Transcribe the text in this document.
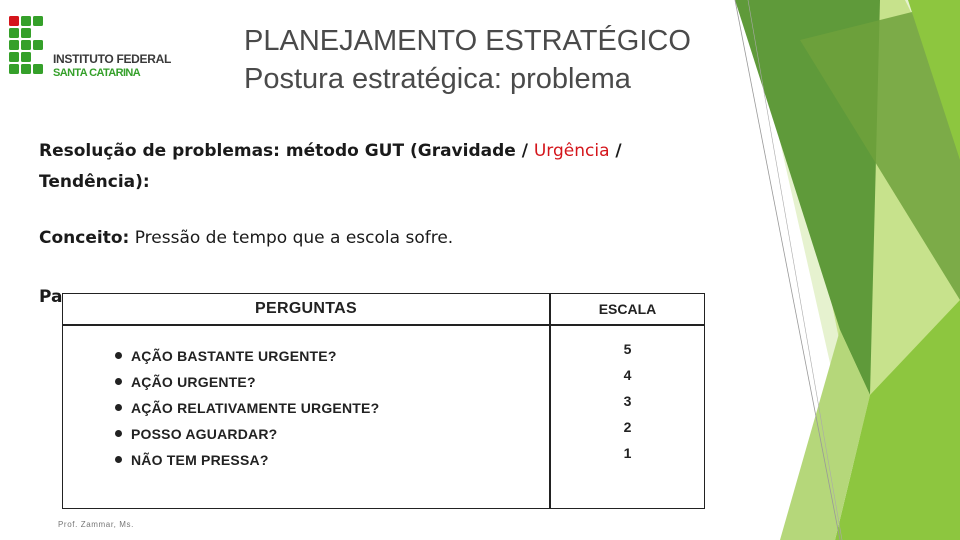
INSTITUTO FEDERAL
SANTA CATARINA
PLANEJAMENTO ESTRATÉGICO
Postura estratégica: problema
Resolução de problemas: método GUT (Gravidade / Urgência /
Tendência):
Conceito: Pressão de tempo que a escola sofre.
Pa
PERGUNTAS	ESCALA
AÇÃO BASTANTE URGENTE?
AÇÃO URGENTE?
AÇÃO RELATIVAMENTE URGENTE?
POSSO AGUARDAR?
NÃO TEM PRESSA?
5
4
3
2
1
Prof. Zammar, Ms.
